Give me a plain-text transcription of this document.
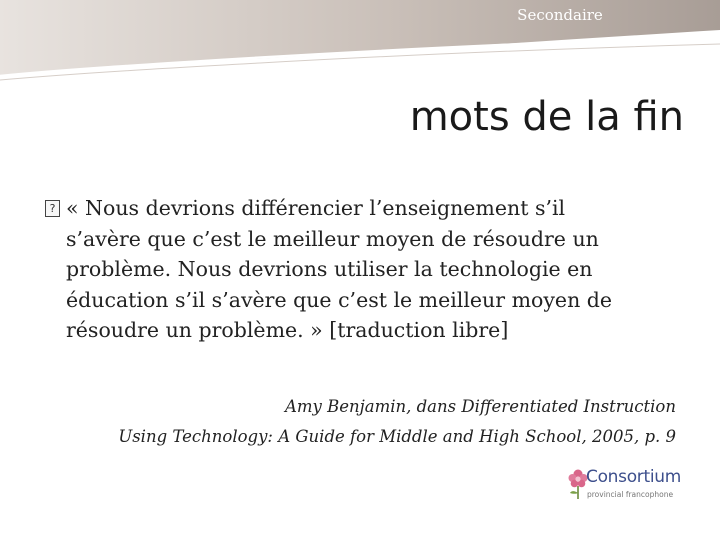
Secondaire
mots de la fin
? « Nous devrions différencier l’enseignement s’il
s’avère que c’est le meilleur moyen de résoudre un
problème. Nous devrions utiliser la technologie en
éducation s’il s’avère que c’est le meilleur moyen de
résoudre un problème. » [traduction libre]
Amy Benjamin, dans Differentiated Instruction
Using Technology: A Guide for Middle and High School, 2005, p. 9
Consortium
provincial francophone
